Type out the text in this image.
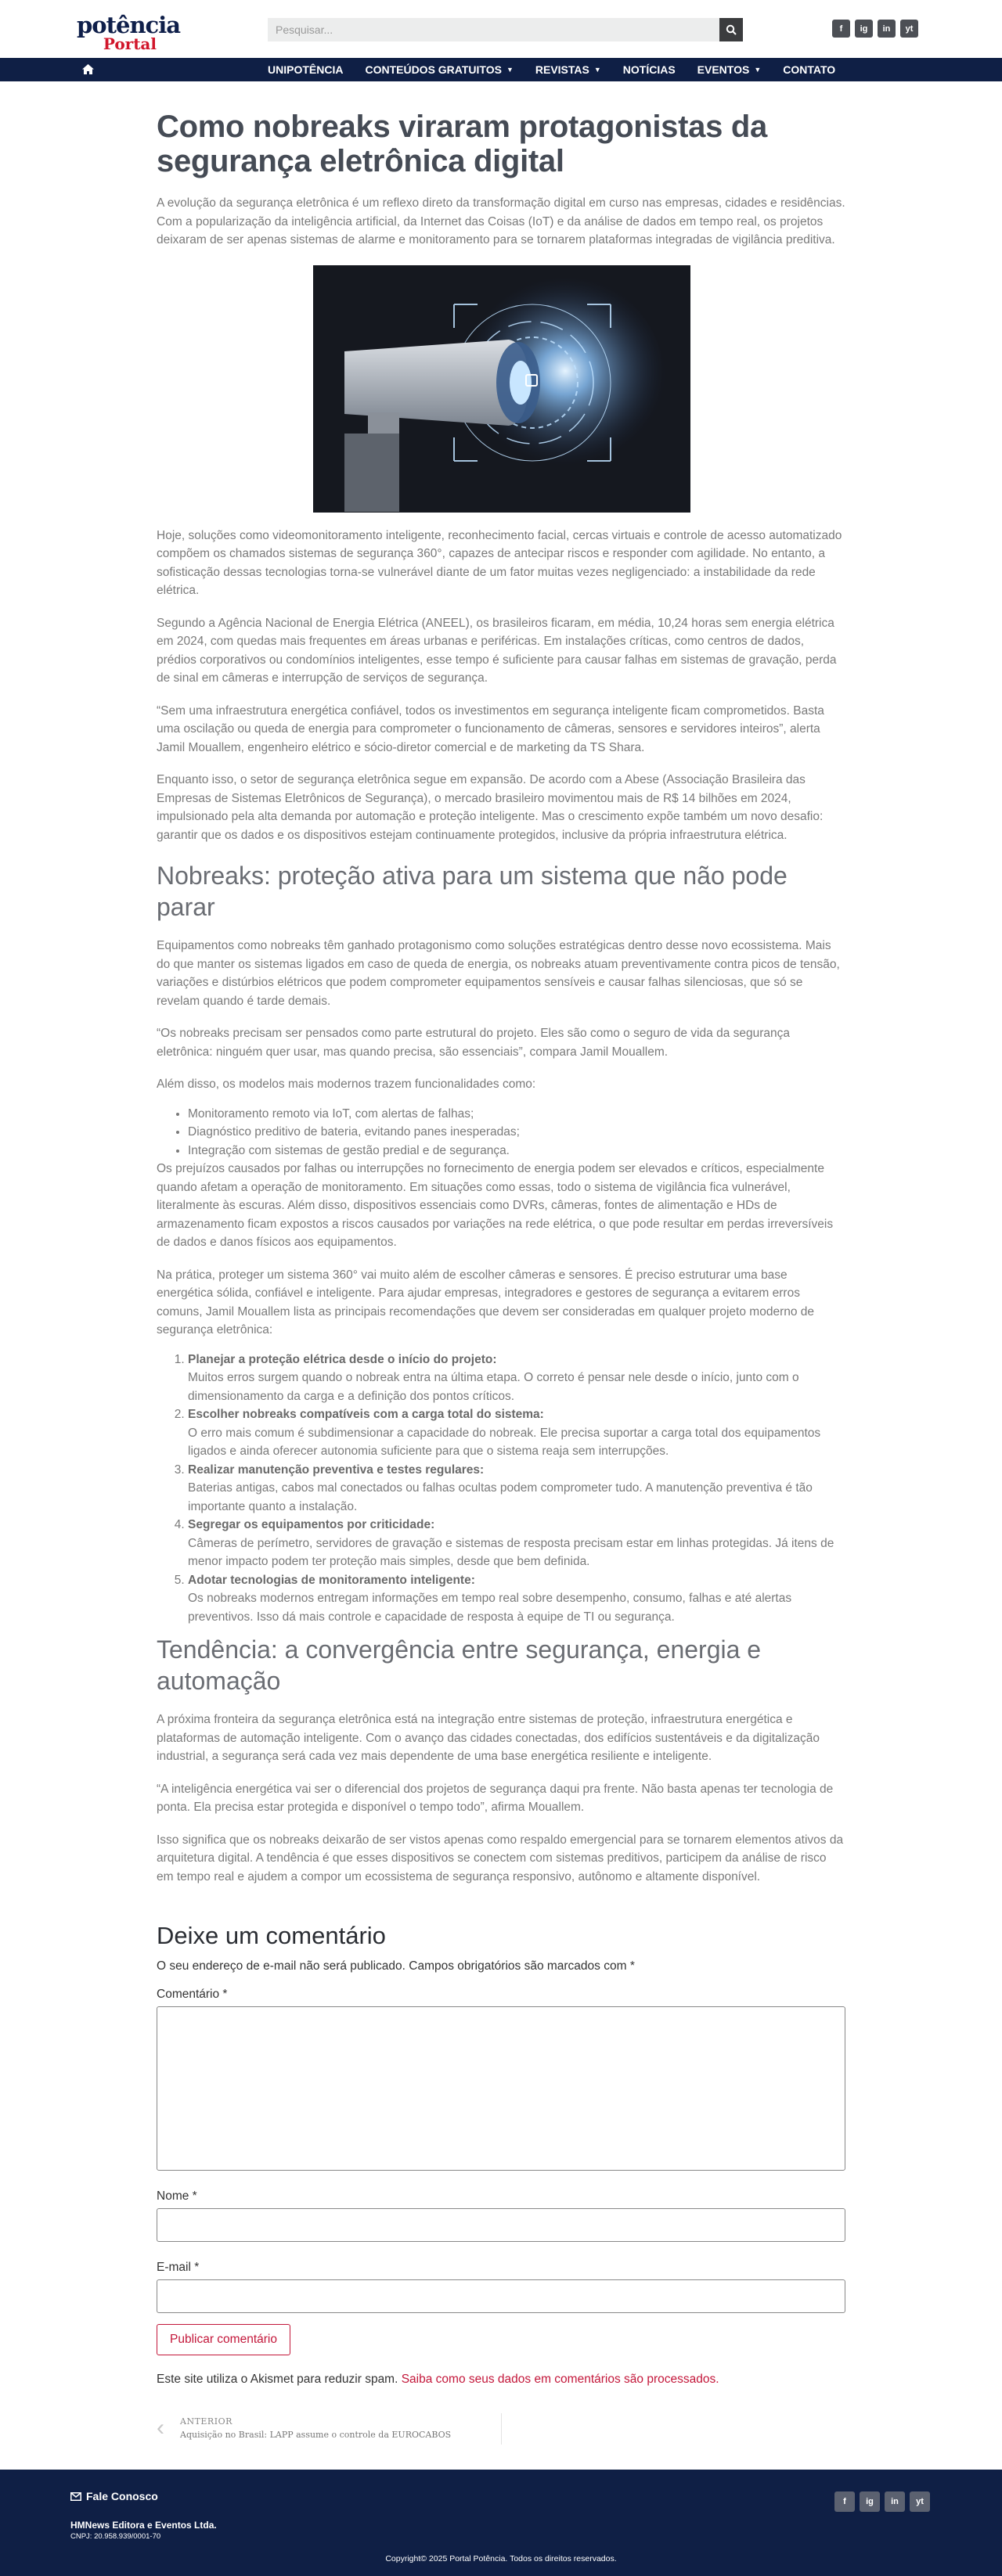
potência
Portal
Pesquisar...
f	ig	in	yt
UNIPOTÊNCIA CONTEÚDOS GRATUITOS ▼ REVISTAS ▼ NOTÍCIAS EVENTOS ▼ CONTATO
Como nobreaks viraram protagonistas da segurança eletrônica digital

A evolução da segurança eletrônica é um reflexo direto da transformação digital em curso nas empresas, cidades e residências. Com a popularização da inteligência artificial, da Internet das Coisas (IoT) e da análise de dados em tempo real, os projetos deixaram de ser apenas sistemas de alarme e monitoramento para se tornarem plataformas integradas de vigilância preditiva.

Hoje, soluções como videomonitoramento inteligente, reconhecimento facial, cercas virtuais e controle de acesso automatizado compõem os chamados sistemas de segurança 360°, capazes de antecipar riscos e responder com agilidade. No entanto, a sofisticação dessas tecnologias torna-se vulnerável diante de um fator muitas vezes negligenciado: a instabilidade da rede elétrica.

Segundo a Agência Nacional de Energia Elétrica (ANEEL), os brasileiros ficaram, em média, 10,24 horas sem energia elétrica em 2024, com quedas mais frequentes em áreas urbanas e periféricas. Em instalações críticas, como centros de dados, prédios corporativos ou condomínios inteligentes, esse tempo é suficiente para causar falhas em sistemas de gravação, perda de sinal em câmeras e interrupção de serviços de segurança.

“Sem uma infraestrutura energética confiável, todos os investimentos em segurança inteligente ficam comprometidos. Basta uma oscilação ou queda de energia para comprometer o funcionamento de câmeras, sensores e servidores inteiros”, alerta Jamil Mouallem, engenheiro elétrico e sócio-diretor comercial e de marketing da TS Shara.

Enquanto isso, o setor de segurança eletrônica segue em expansão. De acordo com a Abese (Associação Brasileira das Empresas de Sistemas Eletrônicos de Segurança), o mercado brasileiro movimentou mais de R$ 14 bilhões em 2024, impulsionado pela alta demanda por automação e proteção inteligente. Mas o crescimento expõe também um novo desafio: garantir que os dados e os dispositivos estejam continuamente protegidos, inclusive da própria infraestrutura elétrica.

Nobreaks: proteção ativa para um sistema que não pode parar

Equipamentos como nobreaks têm ganhado protagonismo como soluções estratégicas dentro desse novo ecossistema. Mais do que manter os sistemas ligados em caso de queda de energia, os nobreaks atuam preventivamente contra picos de tensão, variações e distúrbios elétricos que podem comprometer equipamentos sensíveis e causar falhas silenciosas, que só se revelam quando é tarde demais.

“Os nobreaks precisam ser pensados como parte estrutural do projeto. Eles são como o seguro de vida da segurança eletrônica: ninguém quer usar, mas quando precisa, são essenciais”, compara Jamil Mouallem.

Além disso, os modelos mais modernos trazem funcionalidades como:

• Monitoramento remoto via IoT, com alertas de falhas;
• Diagnóstico preditivo de bateria, evitando panes inesperadas;
• Integração com sistemas de gestão predial e de segurança.

Os prejuízos causados por falhas ou interrupções no fornecimento de energia podem ser elevados e críticos, especialmente quando afetam a operação de monitoramento. Em situações como essas, todo o sistema de vigilância fica vulnerável, literalmente às escuras. Além disso, dispositivos essenciais como DVRs, câmeras, fontes de alimentação e HDs de armazenamento ficam expostos a riscos causados por variações na rede elétrica, o que pode resultar em perdas irreversíveis de dados e danos físicos aos equipamentos.

Na prática, proteger um sistema 360° vai muito além de escolher câmeras e sensores. É preciso estruturar uma base energética sólida, confiável e inteligente. Para ajudar empresas, integradores e gestores de segurança a evitarem erros comuns, Jamil Mouallem lista as principais recomendações que devem ser consideradas em qualquer projeto moderno de segurança eletrônica:

1. Planejar a proteção elétrica desde o início do projeto:
Muitos erros surgem quando o nobreak entra na última etapa. O correto é pensar nele desde o início, junto com o dimensionamento da carga e a definição dos pontos críticos.
2. Escolher nobreaks compatíveis com a carga total do sistema:
O erro mais comum é subdimensionar a capacidade do nobreak. Ele precisa suportar a carga total dos equipamentos ligados e ainda oferecer autonomia suficiente para que o sistema reaja sem interrupções.
3. Realizar manutenção preventiva e testes regulares:
Baterias antigas, cabos mal conectados ou falhas ocultas podem comprometer tudo. A manutenção preventiva é tão importante quanto a instalação.
4. Segregar os equipamentos por criticidade:
Câmeras de perímetro, servidores de gravação e sistemas de resposta precisam estar em linhas protegidas. Já itens de menor impacto podem ter proteção mais simples, desde que bem definida.
5. Adotar tecnologias de monitoramento inteligente:
Os nobreaks modernos entregam informações em tempo real sobre desempenho, consumo, falhas e até alertas preventivos. Isso dá mais controle e capacidade de resposta à equipe de TI ou segurança.
Tendência: a convergência entre segurança, energia e automação

A próxima fronteira da segurança eletrônica está na integração entre sistemas de proteção, infraestrutura energética e plataformas de automação inteligente. Com o avanço das cidades conectadas, dos edifícios sustentáveis e da digitalização industrial, a segurança será cada vez mais dependente de uma base energética resiliente e inteligente.

“A inteligência energética vai ser o diferencial dos projetos de segurança daqui pra frente. Não basta apenas ter tecnologia de ponta. Ela precisa estar protegida e disponível o tempo todo”, afirma Mouallem.

Isso significa que os nobreaks deixarão de ser vistos apenas como respaldo emergencial para se tornarem elementos ativos da arquitetura digital. A tendência é que esses dispositivos se conectem com sistemas preditivos, participem da análise de risco em tempo real e ajudem a compor um ecossistema de segurança responsivo, autônomo e altamente disponível.

Deixe um comentário
O seu endereço de e-mail não será publicado. Campos obrigatórios são marcados com *
Comentário *
Nome *
E-mail *
Publicar comentário
Este site utiliza o Akismet para reduzir spam. Saiba como seus dados em comentários são processados.
‹ ANTERIOR
Aquisição no Brasil: LAPP assume o controle da EUROCABOS
Fale Conosco
HMNews Editora e Eventos Ltda.
CNPJ: 20.958.939/0001-70
f	ig	in	yt
Copyright© 2025 Portal Potência. Todos os direitos reservados.
